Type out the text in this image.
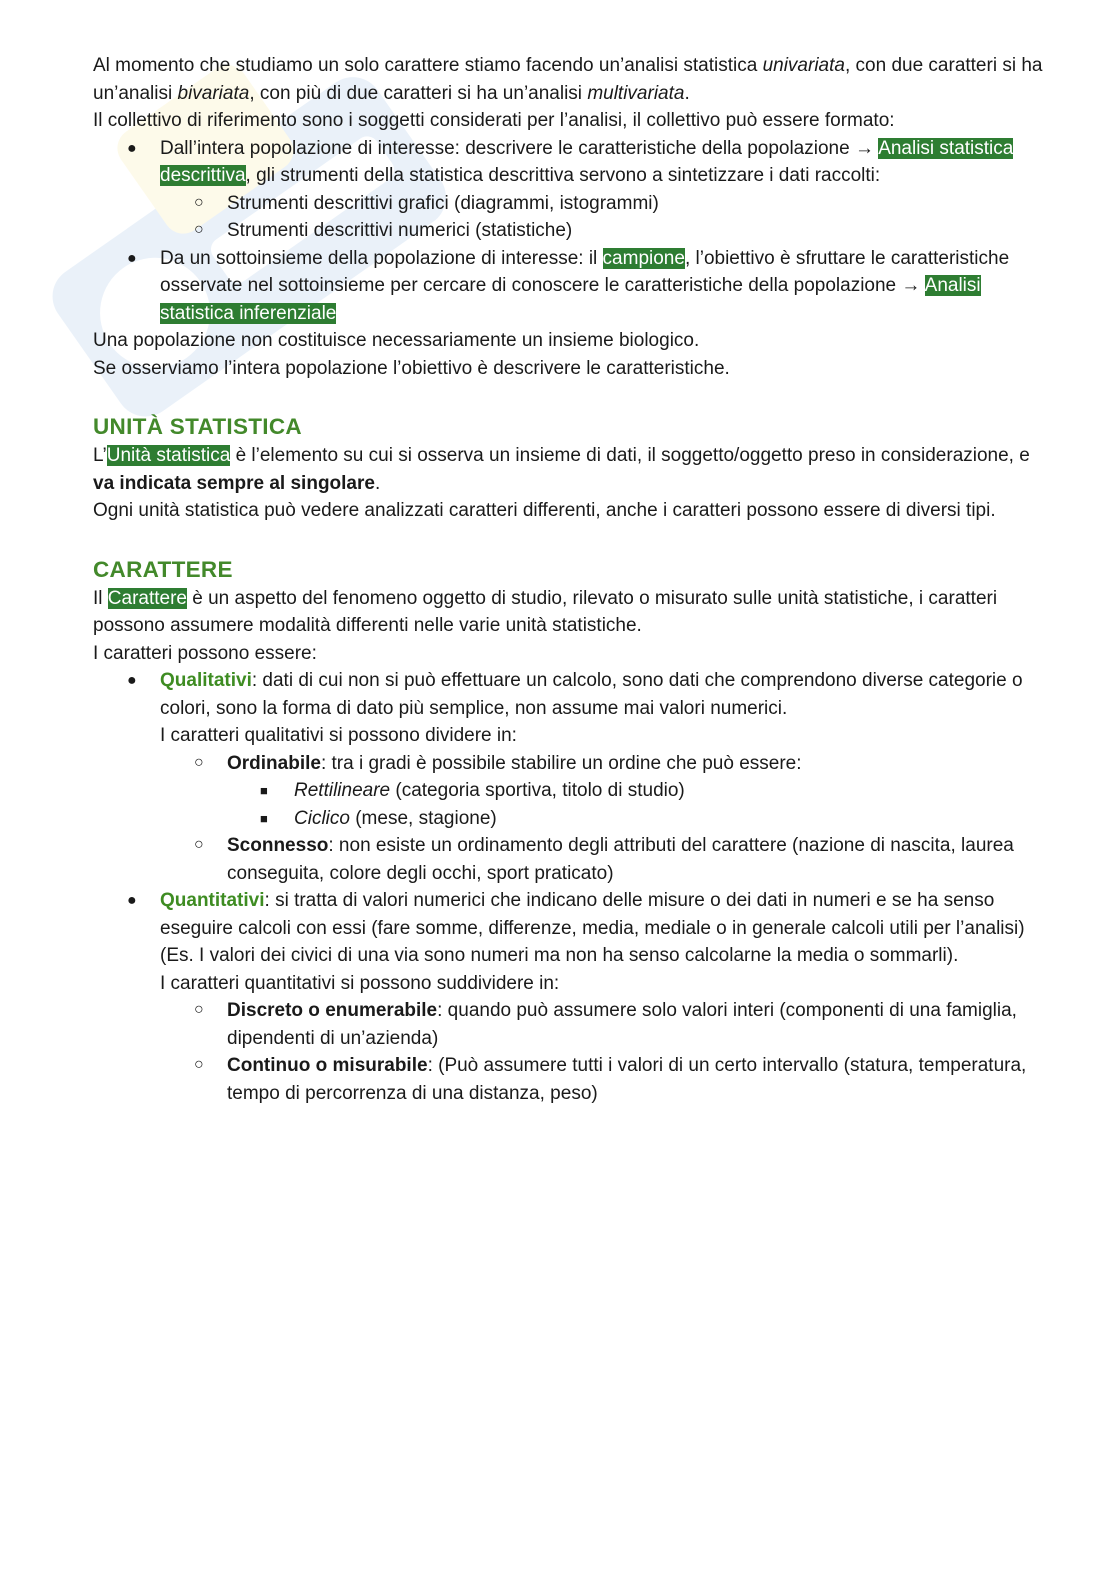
Al momento che studiamo un solo carattere stiamo facendo un’analisi statistica univariata, con due caratteri si ha un’analisi bivariata, con più di due caratteri si ha un’analisi multivariata.

Il collettivo di riferimento sono i soggetti considerati per l’analisi, il collettivo può essere formato:

● Dall’intera popolazione di interesse: descrivere le caratteristiche della popolazione → Analisi statistica descrittiva, gli strumenti della statistica descrittiva servono a sintetizzare i dati raccolti:
○ Strumenti descrittivi grafici (diagrammi, istogrammi)
○ Strumenti descrittivi numerici (statistiche)
● Da un sottoinsieme della popolazione di interesse: il campione, l’obiettivo è sfruttare le caratteristiche osservate nel sottoinsieme per cercare di conoscere le caratteristiche della popolazione → Analisi statistica inferenziale

Una popolazione non costituisce necessariamente un insieme biologico.

Se osserviamo l’intera popolazione l’obiettivo è descrivere le caratteristiche.

UNITÀ STATISTICA

L’Unità statistica è l’elemento su cui si osserva un insieme di dati, il soggetto/oggetto preso in considerazione, e va indicata sempre al singolare.

Ogni unità statistica può vedere analizzati caratteri differenti, anche i caratteri possono essere di diversi tipi.

CARATTERE

Il Carattere è un aspetto del fenomeno oggetto di studio, rilevato o misurato sulle unità statistiche, i caratteri possono assumere modalità differenti nelle varie unità statistiche.

I caratteri possono essere:

● Qualitativi: dati di cui non si può effettuare un calcolo, sono dati che comprendono diverse categorie o colori, sono la forma di dato più semplice, non assume mai valori numerici.
I caratteri qualitativi si possono dividere in:
○ Ordinabile: tra i gradi è possibile stabilire un ordine che può essere:
■ Rettilineare (categoria sportiva, titolo di studio)
■ Ciclico (mese, stagione)
○ Sconnesso: non esiste un ordinamento degli attributi del carattere (nazione di nascita, laurea conseguita, colore degli occhi, sport praticato)
● Quantitativi: si tratta di valori numerici che indicano delle misure o dei dati in numeri e se ha senso eseguire calcoli con essi (fare somme, differenze, media, mediale o in generale calcoli utili per l’analisi) (Es. I valori dei civici di una via sono numeri ma non ha senso calcolarne la media o sommarli).
I caratteri quantitativi si possono suddividere in:
○ Discreto o enumerabile: quando può assumere solo valori interi (componenti di una famiglia, dipendenti di un’azienda)
○ Continuo o misurabile: (Può assumere tutti i valori di un certo intervallo (statura, temperatura, tempo di percorrenza di una distanza, peso)
